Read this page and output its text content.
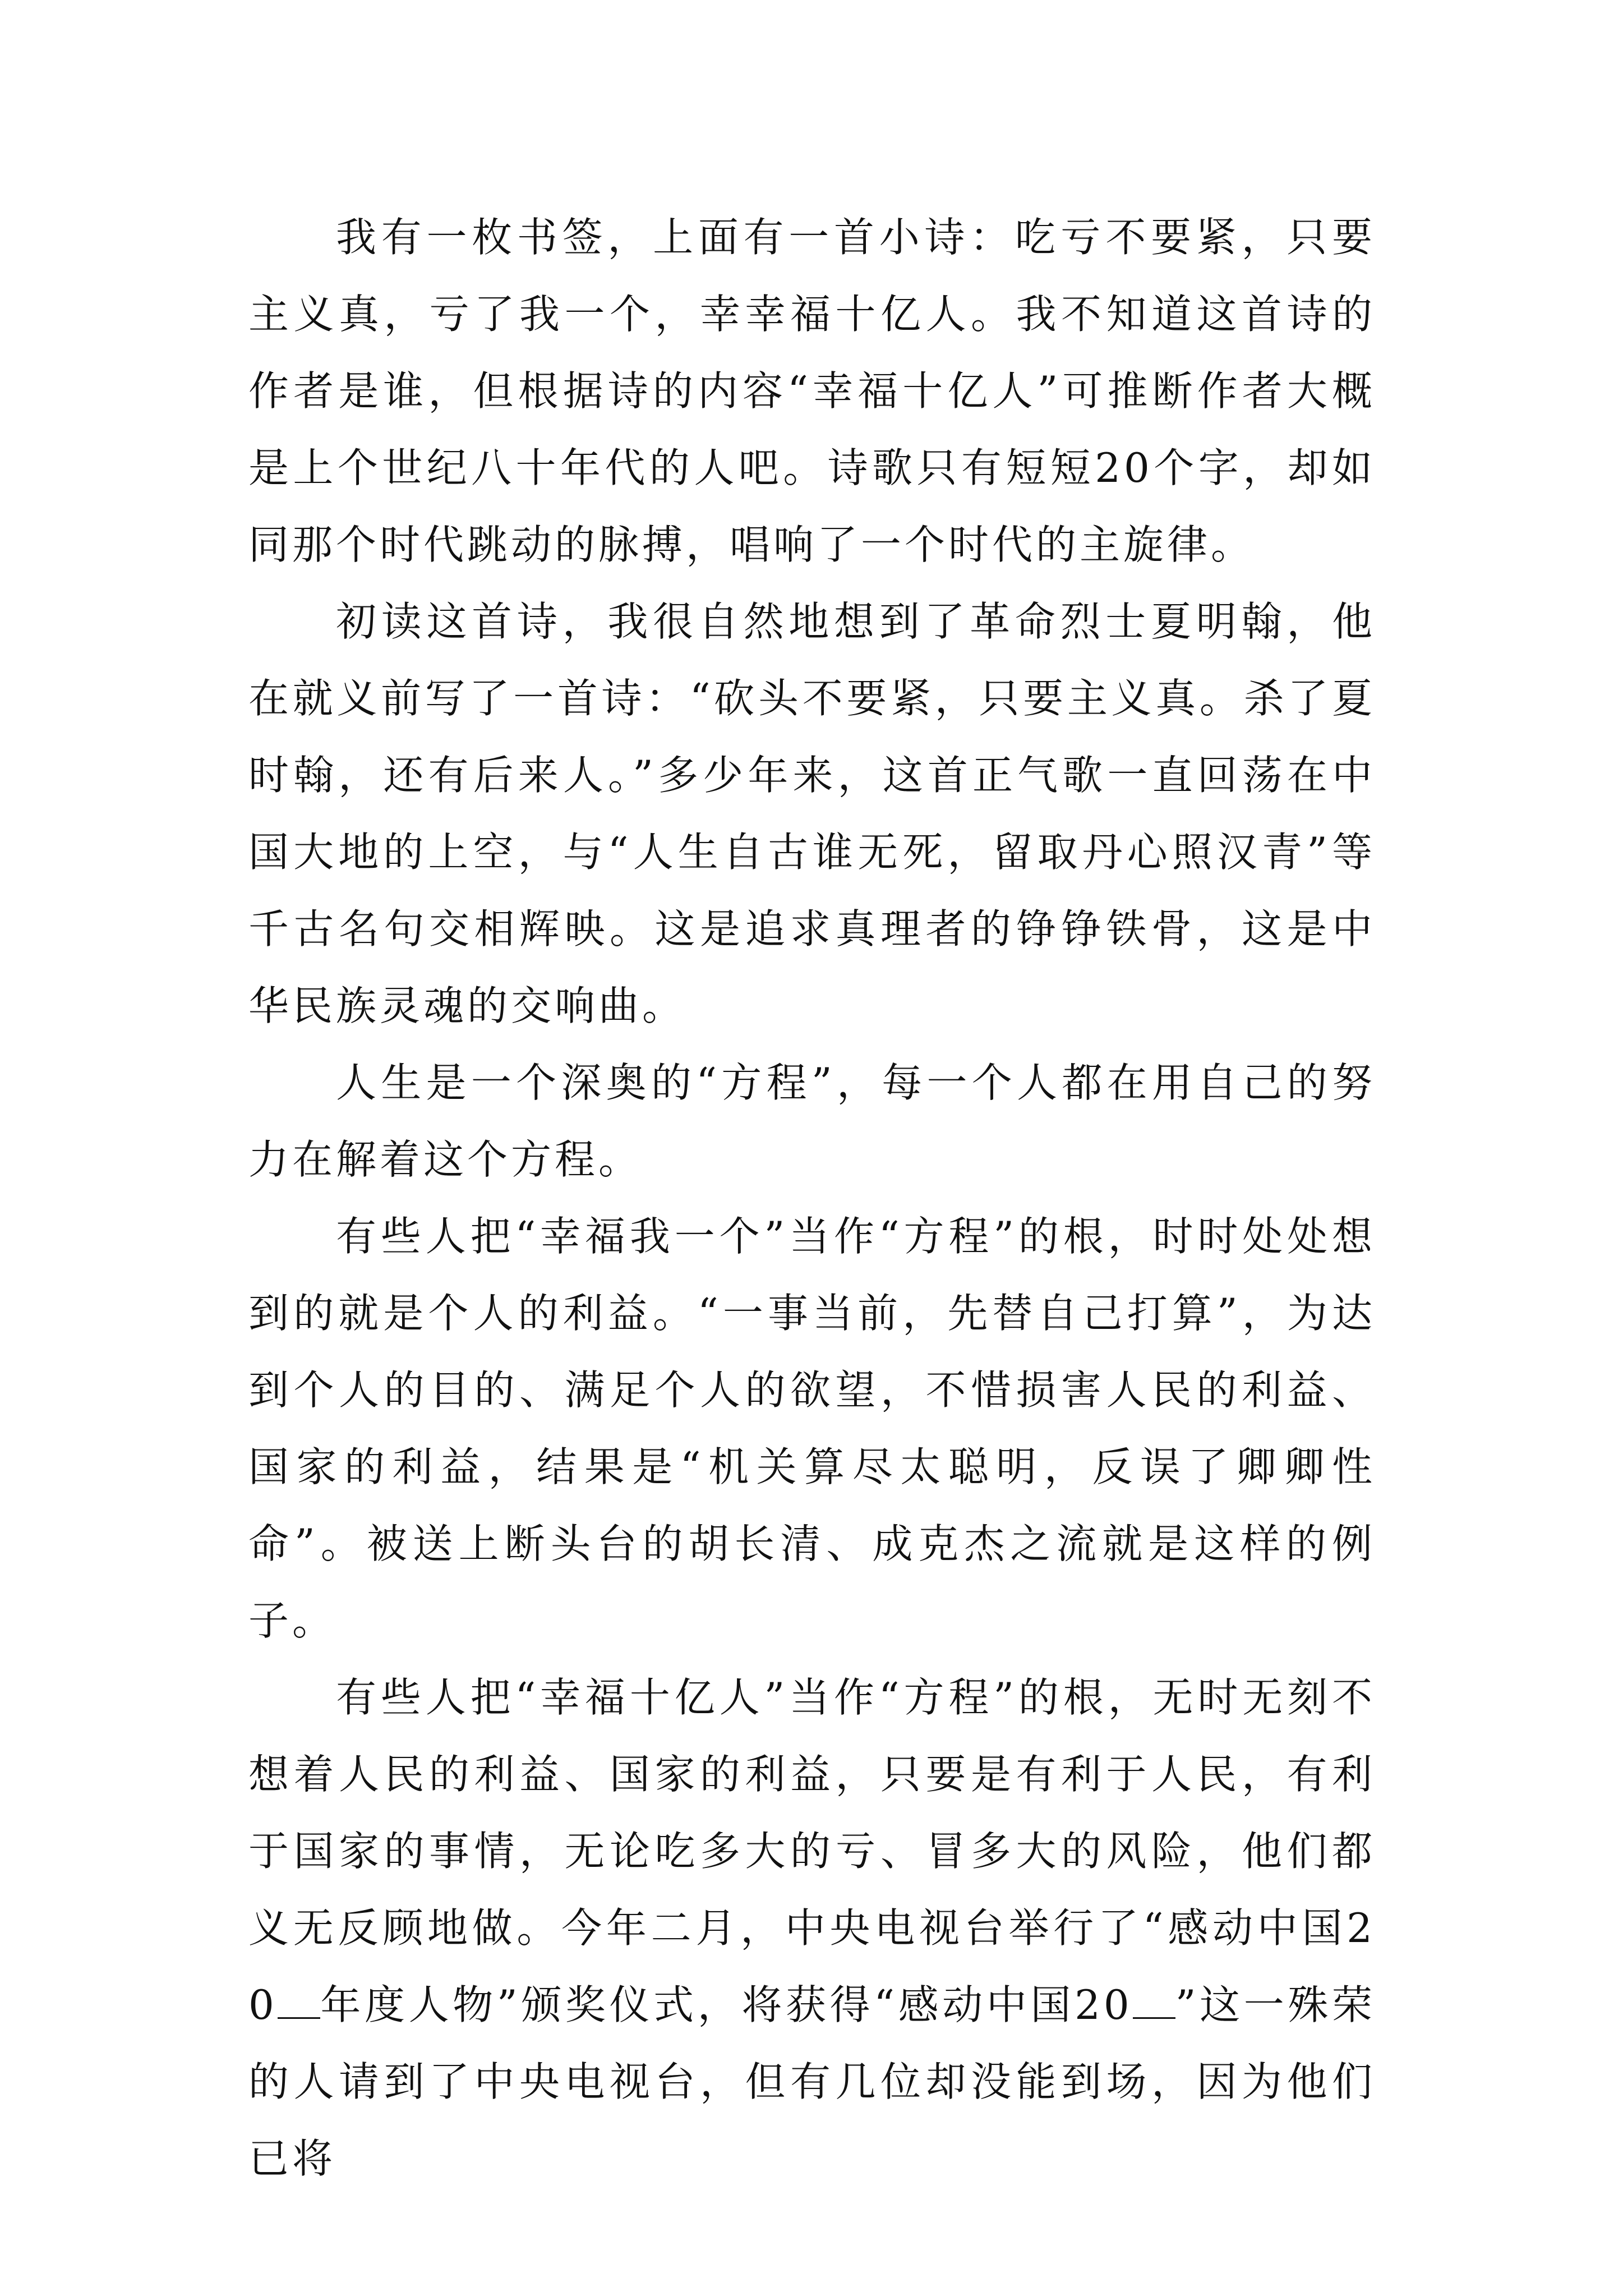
我有一枚书签，上面有一首小诗：吃亏不要紧，只要主义真，亏了我一个，幸幸福十亿人。我不知道这首诗的作者是谁，但根据诗的内容“幸福十亿人”可推断作者大概是上个世纪八十年代的人吧。诗歌只有短短20个字，却如同那个时代跳动的脉搏，唱响了一个时代的主旋律。

初读这首诗，我很自然地想到了革命烈士夏明翰，他在就义前写了一首诗：“砍头不要紧，只要主义真。杀了夏时翰，还有后来人。”多少年来，这首正气歌一直回荡在中国大地的上空，与“人生自古谁无死，留取丹心照汉青”等千古名句交相辉映。这是追求真理者的铮铮铁骨，这是中华民族灵魂的交响曲。

人生是一个深奥的“方程”，每一个人都在用自己的努力在解着这个方程。

有些人把“幸福我一个”当作“方程”的根，时时处处想到的就是个人的利益。“一事当前，先替自己打算”，为达到个人的目的、满足个人的欲望，不惜损害人民的利益、国家的利益，结果是“机关算尽太聪明，反误了卿卿性命”。被送上断头台的胡长清、成克杰之流就是这样的例子。

有些人把“幸福十亿人”当作“方程”的根，无时无刻不想着人民的利益、国家的利益，只要是有利于人民，有利于国家的事情，无论吃多大的亏、冒多大的风险，他们都义无反顾地做。今年二月，中央电视台举行了“感动中国20 年度人物”颁奖仪式，将获得“感动中国20 ”这一殊荣的人请到了中央电视台，但有几位却没能到场，因为他们已将
